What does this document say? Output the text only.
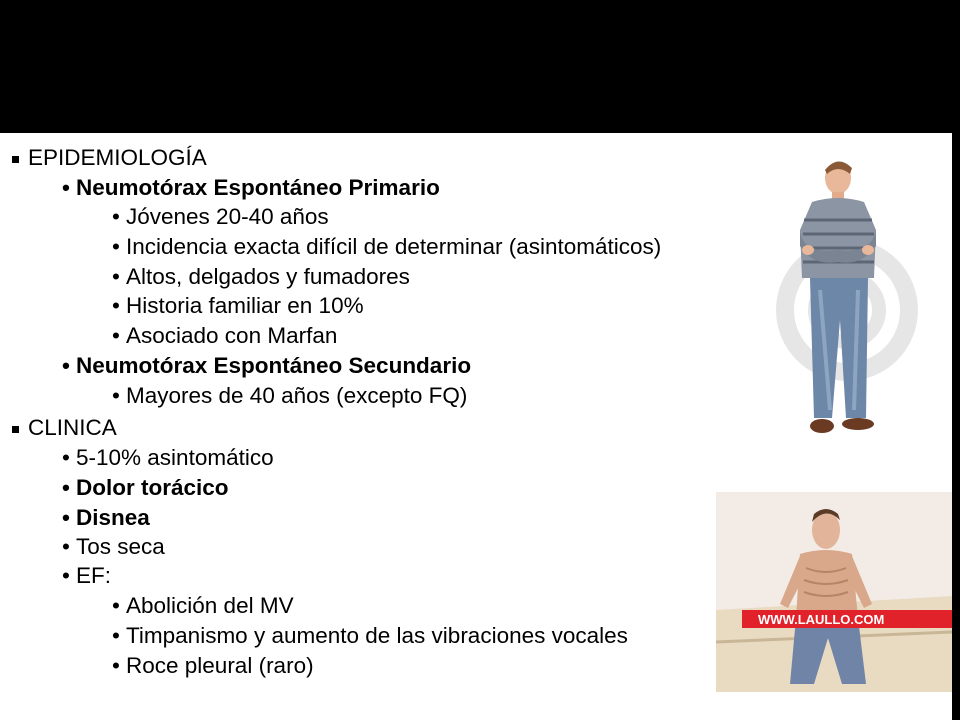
EPIDEMIOLOGÍA
• Neumotórax Espontáneo Primario
• Jóvenes 20-40 años
• Incidencia exacta difícil de determinar (asintomáticos)
• Altos, delgados y fumadores
• Historia familiar en 10%
• Asociado con Marfan
• Neumotórax Espontáneo Secundario
• Mayores de 40 años (excepto FQ)
CLINICA
• 5-10% asintomático
• Dolor torácico
• Disnea
• Tos seca
• EF:
• Abolición del MV
• Timpanismo y aumento de las vibraciones vocales
• Roce pleural (raro)
WWW.LAULLO.COM
